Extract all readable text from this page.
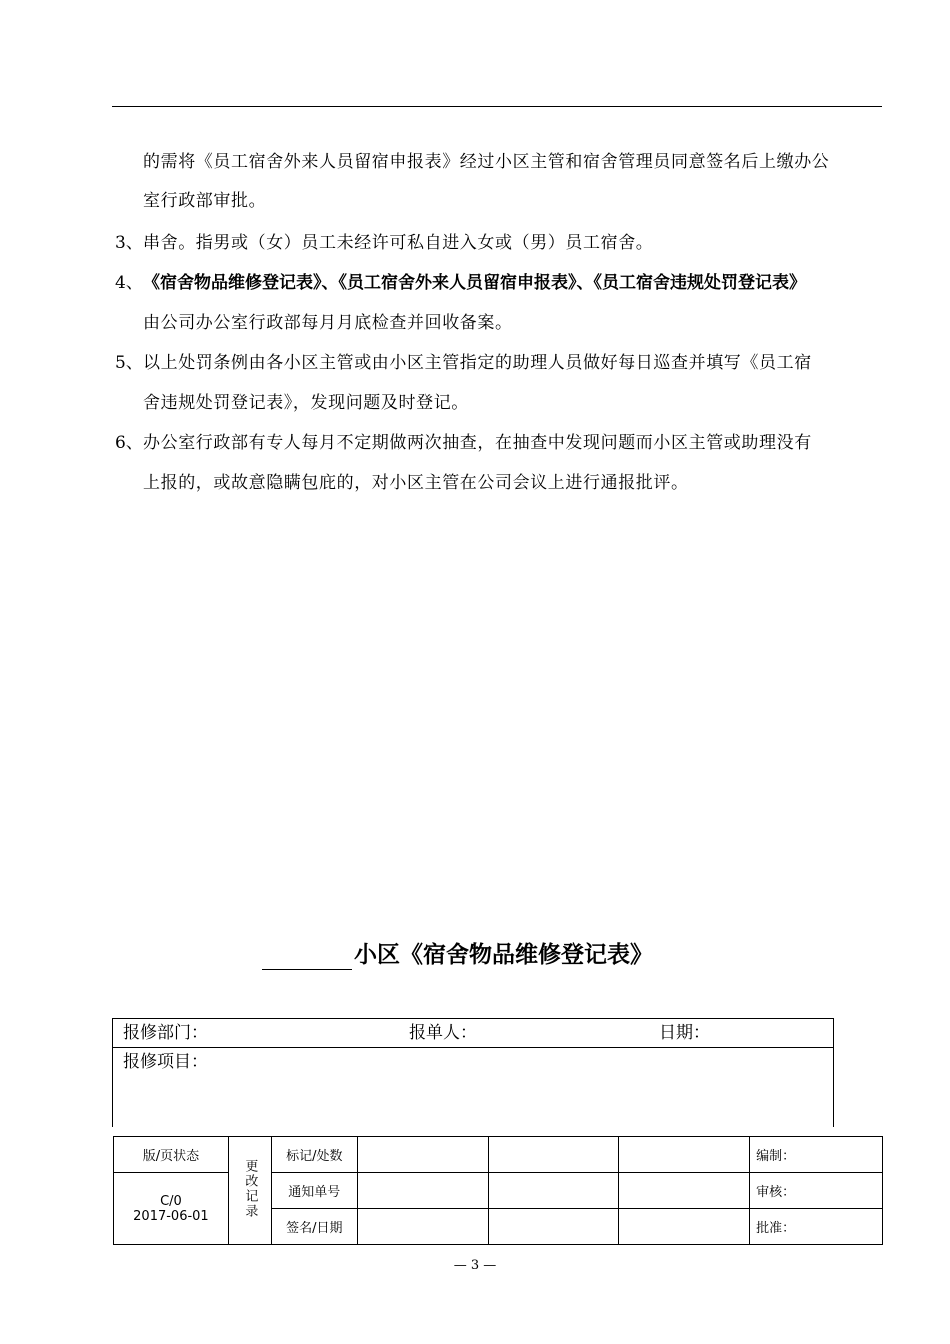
的需将《员工宿舍外来人员留宿申报表》经过小区主管和宿舍管理员同意签名后上缴办公
室行政部审批。
3、 串舍。指男或（女）员工未经许可私自进入女或（男）员工宿舍。
4、 《宿舍物品维修登记表》、《员工宿舍外来人员留宿申报表》、《员工宿舍违规处罚登记表》
由公司办公室行政部每月月底检查并回收备案。
5、 以上处罚条例由各小区主管或由小区主管指定的助理人员做好每日巡查并填写《员工宿
舍违规处罚登记表》，发现问题及时登记。
6、 办公室行政部有专人每月不定期做两次抽查，在抽查中发现问题而小区主管或助理没有
上报的，或故意隐瞒包庇的，对小区主管在公司会议上进行通报批评。
小区《宿舍物品维修登记表》
报修部门：	报单人：	日期：
报修项目：
版/页状态	更改记录	标记/处数				编制：

C/0
2017-06-01		通知单号				审核：
		签名/日期				批准：
— 3 —
